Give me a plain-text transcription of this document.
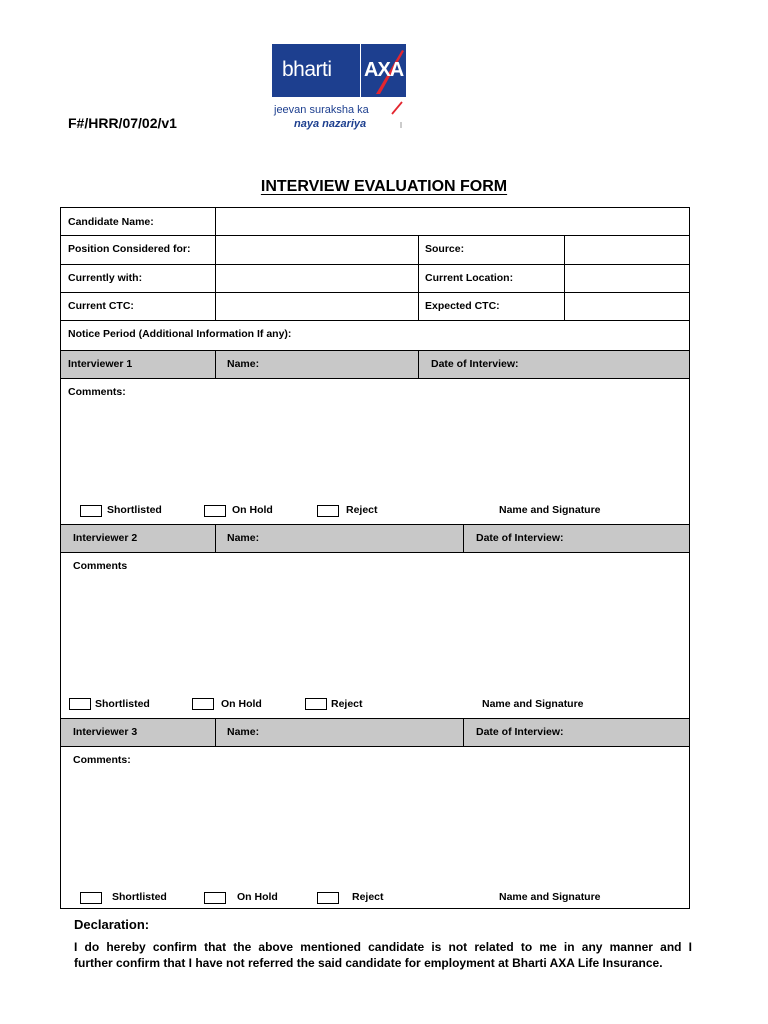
F#/HRR/07/02/v1
bharti AXA
jeevan suraksha ka
naya nazariya
INTERVIEW EVALUATION FORM
Candidate Name:
Position Considered for:	Source:
Currently with:	Current Location:
Current CTC:	Expected CTC:
Notice Period (Additional Information If any):
Interviewer 1	Name:	Date of Interview:
Comments:
Shortlisted	On Hold	Reject	Name and Signature
Interviewer 2	Name:	Date of Interview:
Comments
Shortlisted	On Hold	Reject	Name and Signature
Interviewer 3	Name:	Date of Interview:
Comments:
Shortlisted	On Hold	Reject	Name and Signature
Declaration:
I do hereby confirm that the above mentioned candidate is not related to me in any manner and I
further confirm that I have not referred the said candidate for employment at Bharti AXA Life Insurance.
